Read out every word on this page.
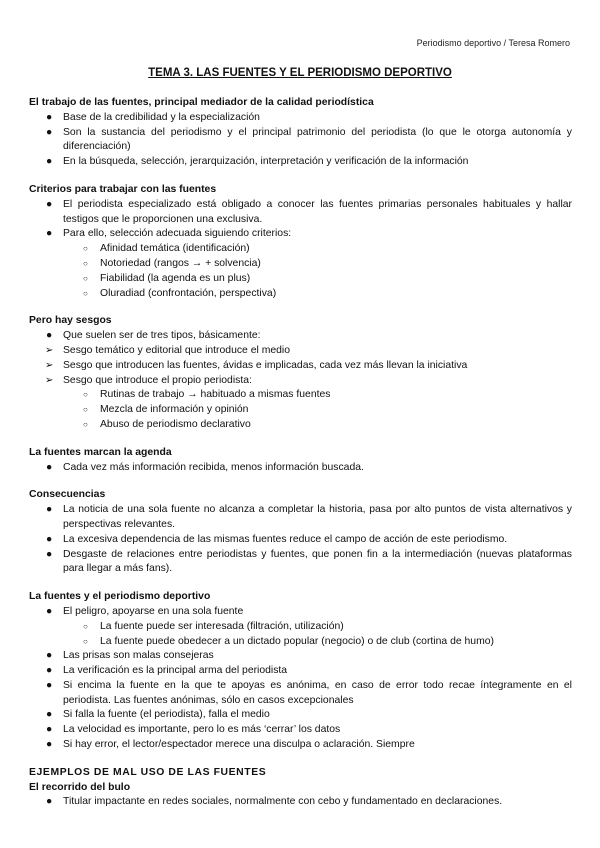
Periodismo deportivo / Teresa Romero
TEMA 3. LAS FUENTES Y EL PERIODISMO DEPORTIVO

El trabajo de las fuentes, principal mediador de la calidad periodística

●	Base de la credibilidad y la especialización
●	Son la sustancia del periodismo y el principal patrimonio del periodista (lo que le otorga autonomía y diferenciación)
●	En la búsqueda, selección, jerarquización, interpretación y verificación de la información

Criterios para trabajar con las fuentes

●	El periodista especializado está obligado a conocer las fuentes primarias personales habituales y hallar testigos que le proporcionen una exclusiva.
●	Para ello, selección adecuada siguiendo criterios:
○ Afinidad temática (identificación)
○ Notoriedad (rangos → + solvencia)
○ Fiabilidad (la agenda es un plus)
○ Oluradiad (confrontación, perspectiva)

Pero hay sesgos

●	Que suelen ser de tres tipos, básicamente:
➢ Sesgo temático y editorial que introduce el medio
➢ Sesgo que introducen las fuentes, ávidas e implicadas, cada vez más llevan la iniciativa
➢ Sesgo que introduce el propio periodista:
○ Rutinas de trabajo → habituado a mismas fuentes
○ Mezcla de información y opinión
○ Abuso de periodismo declarativo

La fuentes marcan la agenda

●	Cada vez más información recibida, menos información buscada.

Consecuencias

●	La noticia de una sola fuente no alcanza a completar la historia, pasa por alto puntos de vista alternativos y perspectivas relevantes.
●	La excesiva dependencia de las mismas fuentes reduce el campo de acción de este periodismo.
●	Desgaste de relaciones entre periodistas y fuentes, que ponen fin a la intermediación (nuevas plataformas para llegar a más fans).

La fuentes y el periodismo deportivo

●	El peligro, apoyarse en una sola fuente
○ La fuente puede ser interesada (filtración, utilización)
○ La fuente puede obedecer a un dictado popular (negocio) o de club (cortina de humo)
●	Las prisas son malas consejeras
●	La verificación es la principal arma del periodista
●	Si encima la fuente en la que te apoyas es anónima, en caso de error todo recae íntegramente en el periodista. Las fuentes anónimas, sólo en casos excepcionales
●	Si falla la fuente (el periodista), falla el medio
●	La velocidad es importante, pero lo es más ‘cerrar’ los datos
●	Si hay error, el lector/espectador merece una disculpa o aclaración. Siempre

EJEMPLOS DE MAL USO DE LAS FUENTES

El recorrido del bulo

●	Titular impactante en redes sociales, normalmente con cebo y fundamentado en declaraciones.
